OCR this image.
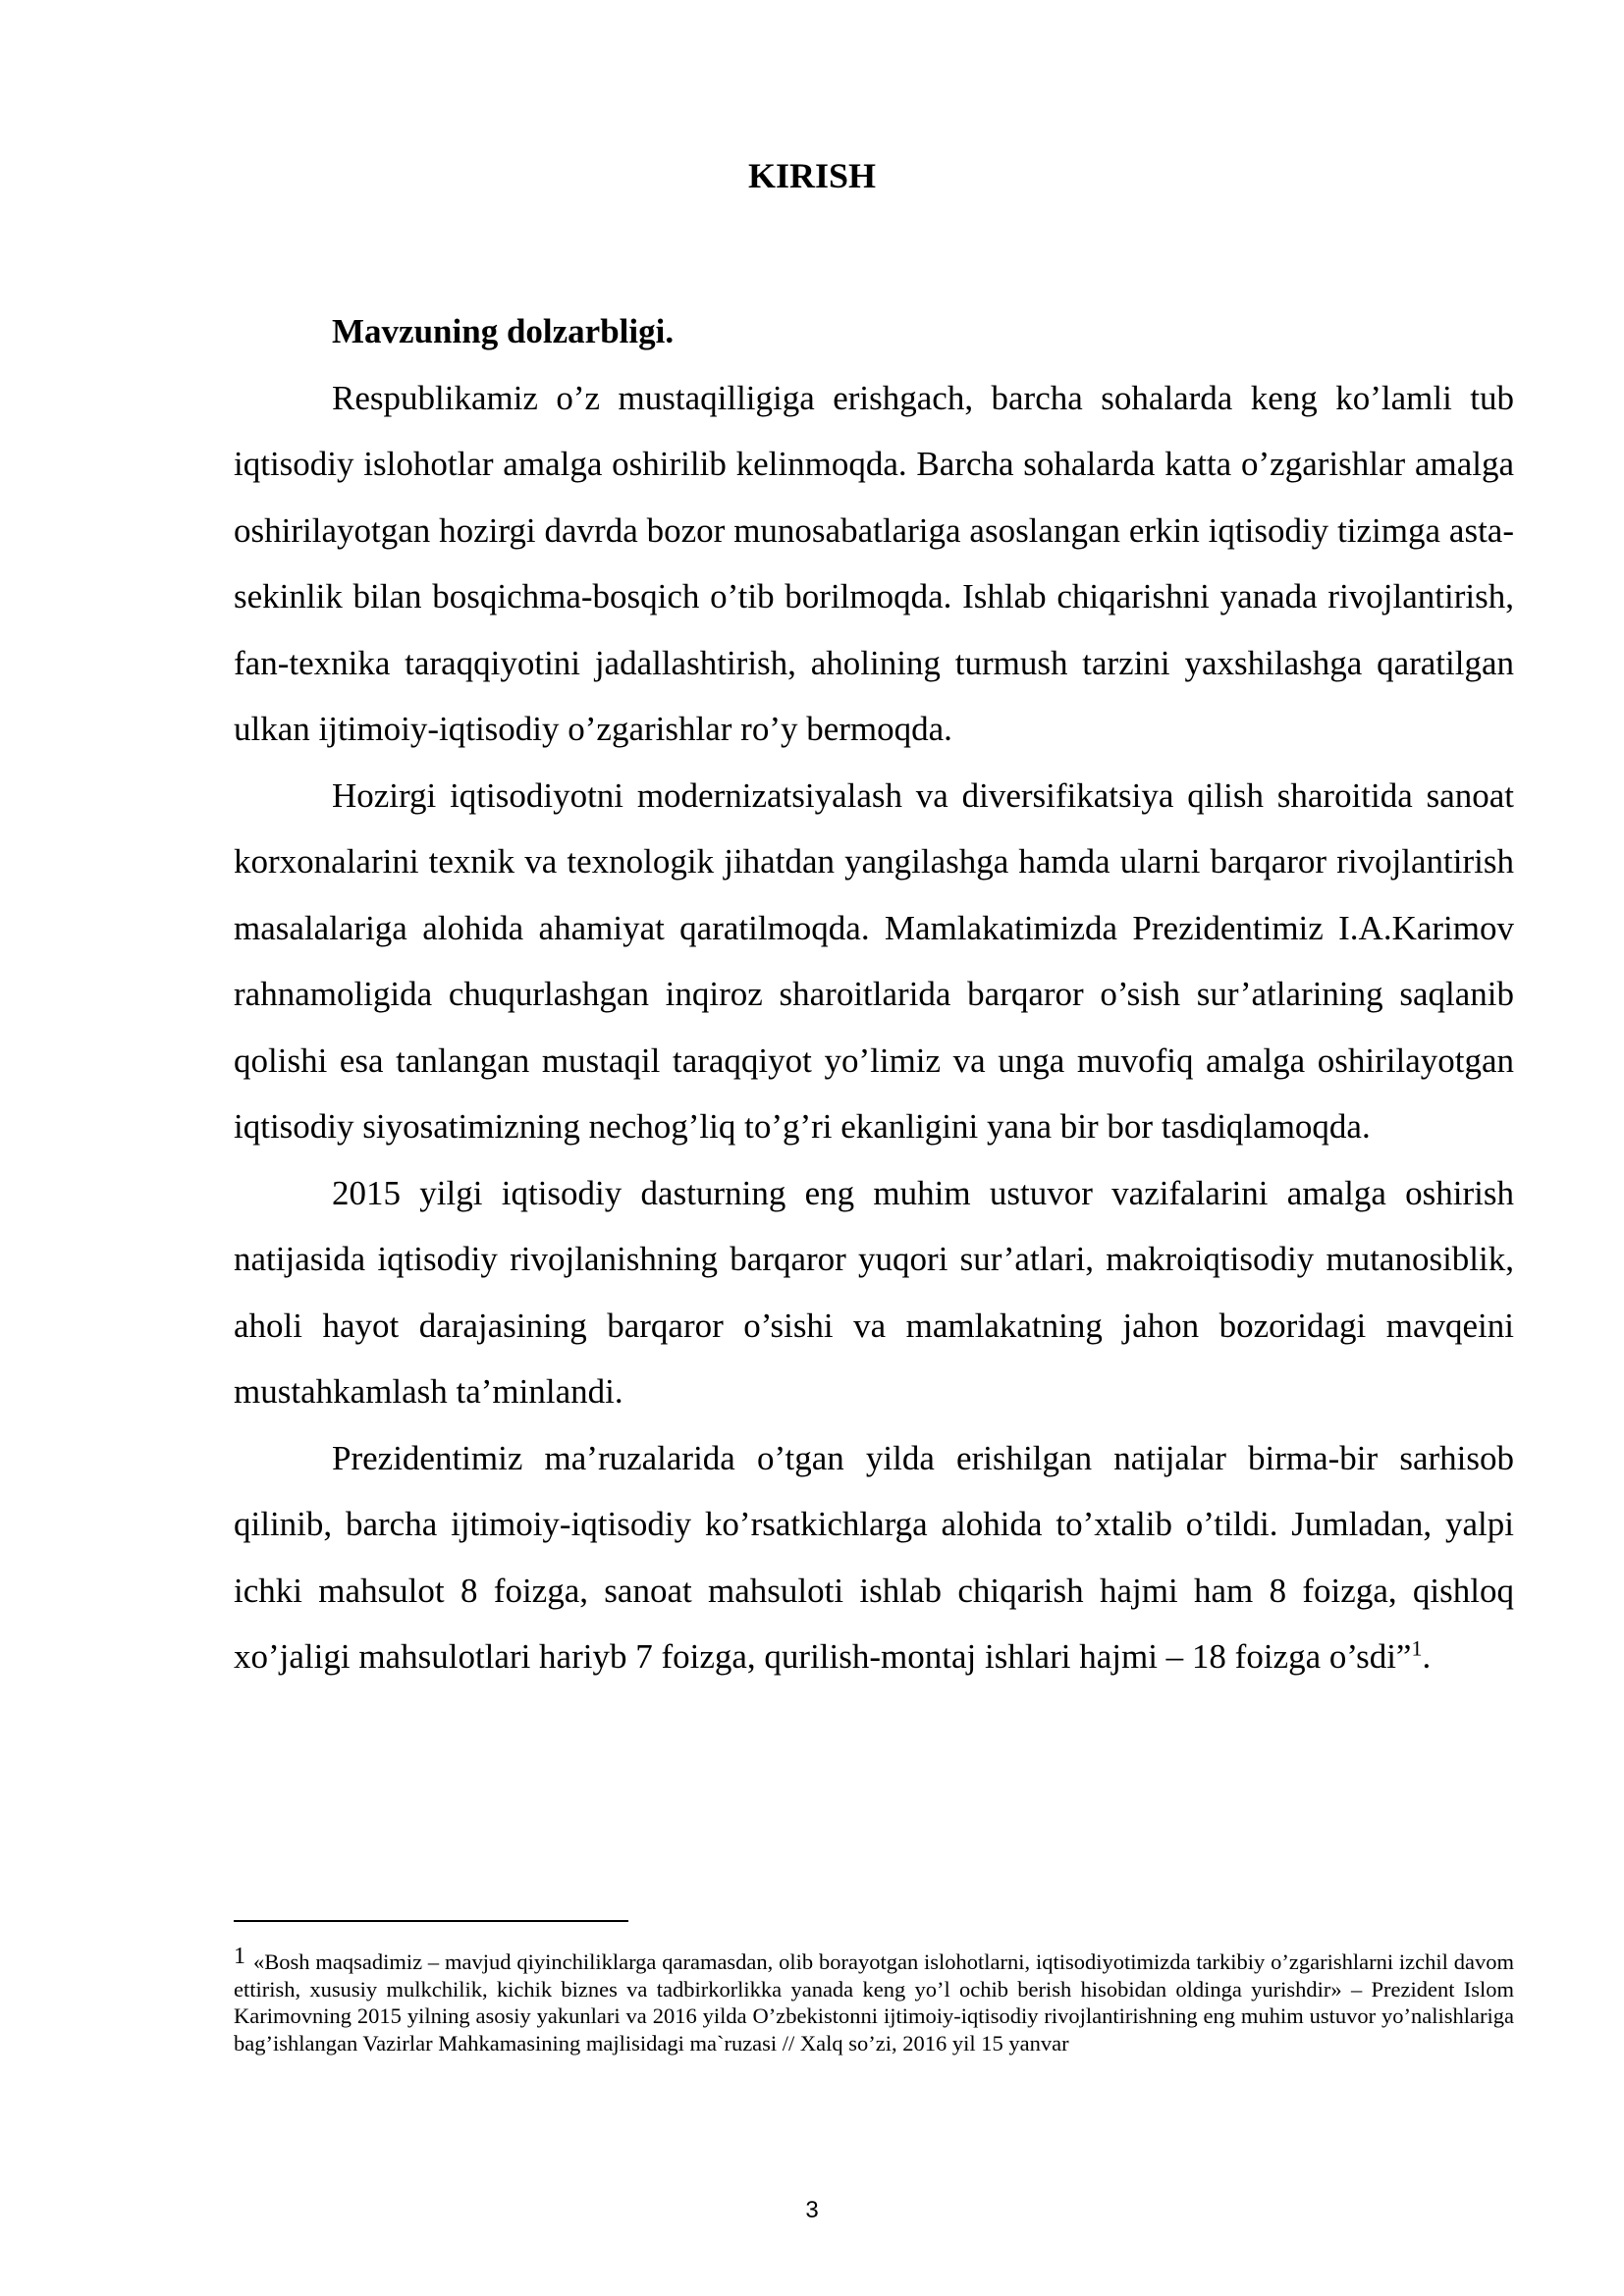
KIRISH

Mavzuning dolzarbligi.

Respublikamiz o’z mustaqilligiga erishgach, barcha sohalarda keng ko’lamli tub iqtisodiy islohotlar amalga oshirilib kelinmoqda. Barcha sohalarda katta o’zgarishlar amalga oshirilayotgan hozirgi davrda bozor munosabatlariga asoslangan erkin iqtisodiy tizimga asta-sekinlik bilan bosqichma-bosqich o’tib borilmoqda. Ishlab chiqarishni yanada rivojlantirish, fan-texnika taraqqiyotini jadallashtirish, aholining turmush tarzini yaxshilashga qaratilgan ulkan ijtimoiy-iqtisodiy o’zgarishlar ro’y bermoqda.

Hozirgi iqtisodiyotni modernizatsiyalash va diversifikatsiya qilish sharoitida sanoat korxonalarini texnik va texnologik jihatdan yangilashga hamda ularni barqaror rivojlantirish masalalariga alohida ahamiyat qaratilmoqda. Mamlakatimizda Prezidentimiz I.A.Karimov rahnamoligida chuqurlashgan inqiroz sharoitlarida barqaror o’sish sur’atlarining saqlanib qolishi esa tanlangan mustaqil taraqqiyot yo’limiz va unga muvofiq amalga oshirilayotgan iqtisodiy siyosatimizning nechog’liq to’g’ri ekanligini yana bir bor tasdiqlamoqda.

2015 yilgi iqtisodiy dasturning eng muhim ustuvor vazifalarini amalga oshirish natijasida iqtisodiy rivojlanishning barqaror yuqori sur’atlari, makroiqtisodiy mutanosiblik, aholi hayot darajasining barqaror o’sishi va mamlakatning jahon bozoridagi mavqeini mustahkamlash ta’minlandi.

Prezidentimiz ma’ruzalarida o’tgan yilda erishilgan natijalar birma-bir sarhisob qilinib, barcha ijtimoiy-iqtisodiy ko’rsatkichlarga alohida to’xtalib o’tildi. Jumladan, yalpi ichki mahsulot 8 foizga, sanoat mahsuloti ishlab chiqarish hajmi ham 8 foizga, qishloq xo’jaligi mahsulotlari hariyb 7 foizga, qurilish-montaj ishlari hajmi – 18 foizga o’sdi”$^1$.

1 «Bosh maqsadimiz – mavjud qiyinchiliklarga qaramasdan, olib borayotgan islohotlarni, iqtisodiyotimizda tarkibiy o’zgarishlarni izchil davom ettirish, xususiy mulkchilik, kichik biznes va tadbirkorlikka yanada keng yo’l ochib berish hisobidan oldinga yurishdir» – Prezident Islom Karimovning 2015 yilning asosiy yakunlari va 2016 yilda O’zbekistonni ijtimoiy-iqtisodiy rivojlantirishning eng muhim ustuvor yo’nalishlariga bag’ishlangan Vazirlar Mahkamasining majlisidagi ma`ruzasi // Xalq so’zi, 2016 yil 15 yanvar

3
